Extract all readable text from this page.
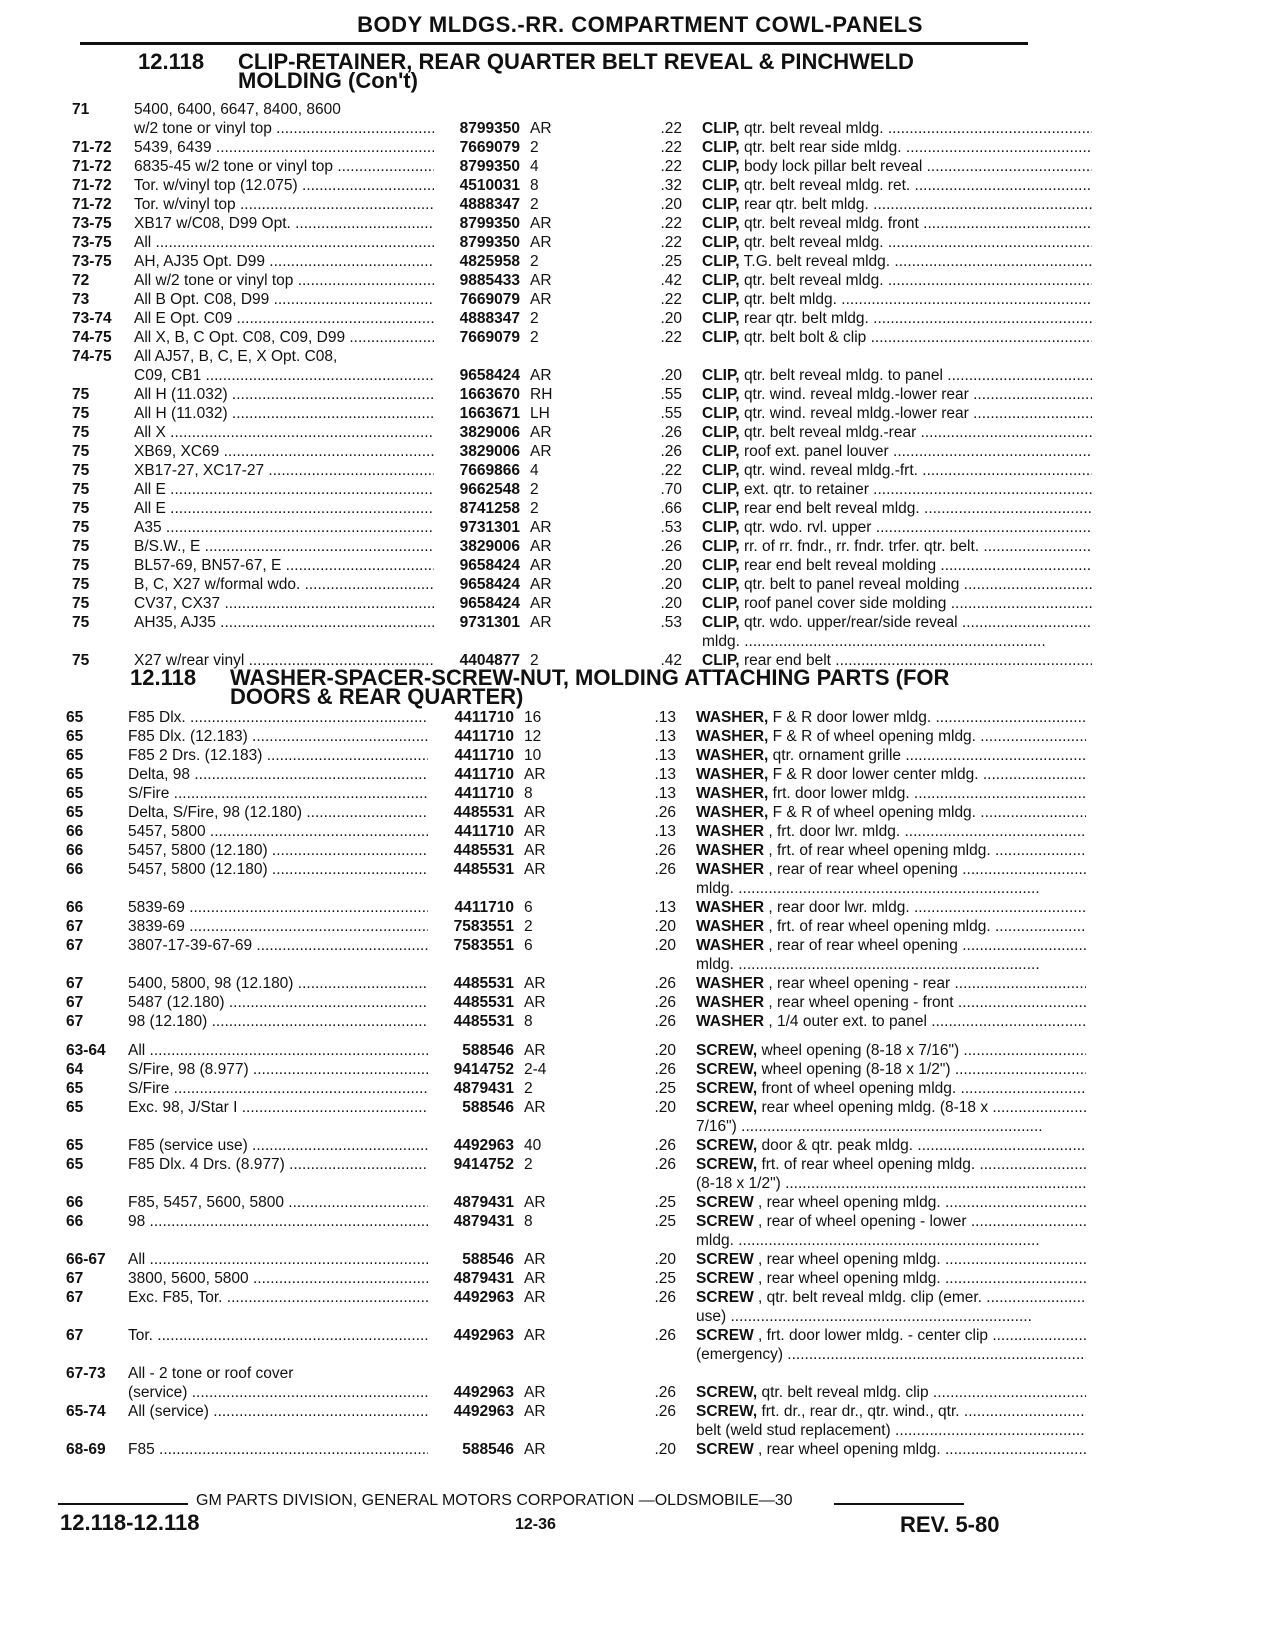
BODY MLDGS.-RR. COMPARTMENT COWL-PANELS
12.118 CLIP-RETAINER, REAR QUARTER BELT REVEAL & PINCHWELD
MOLDING (Con't)
71	5400, 6400, 6647, 8400, 8600
w/2 tone or vinyl top .....	8799350 AR	.22 CLIP, qtr. belt reveal mldg. .....
71-72 5439, 6439 .....	7669079 2	.22 CLIP, qtr. belt rear side mldg. .....
71-72 6835-45 w/2 tone or vinyl top .....	8799350 4	.22 CLIP, body lock pillar belt reveal .....
71-72 Tor. w/vinyl top (12.075) .....	4510031 8	.32 CLIP, qtr. belt reveal mldg. ret. .....
71-72 Tor. w/vinyl top .....	4888347 2	.20 CLIP, rear qtr. belt mldg. .....
73-75 XB17 w/C08, D99 Opt. .....	8799350 AR	.22 CLIP, qtr. belt reveal mldg. front .....
73-75 All .....	8799350 AR	.22 CLIP, qtr. belt reveal mldg. .....
73-75 AH, AJ35 Opt. D99 .....	4825958 2	.25 CLIP, T.G. belt reveal mldg. .....
72	All w/2 tone or vinyl top .....	9885433 AR	.42 CLIP, qtr. belt reveal mldg. .....
73	All B Opt. C08, D99 .....	7669079 AR	.22 CLIP, qtr. belt mldg. .....
73-74 All E Opt. C09 .....	4888347 2	.20 CLIP, rear qtr. belt mldg. .....
74-75 All X, B, C Opt. C08, C09, D99 .....	7669079 2	.22 CLIP, qtr. belt bolt & clip .....
74-75 All AJ57, B, C, E, X Opt. C08,
C09, CB1 .....	9658424 AR	.20 CLIP, qtr. belt reveal mldg. to panel .....
75	All H (11.032) .....	1663670 RH	.55 CLIP, qtr. wind. reveal mldg.-lower rear .....
75	All H (11.032) .....	1663671 LH	.55 CLIP, qtr. wind. reveal mldg.-lower rear .....
75	All X .....	3829006 AR	.26 CLIP, qtr. belt reveal mldg.-rear .....
75	XB69, XC69 .....	3829006 AR	.26 CLIP, roof ext. panel louver .....
75	XB17-27, XC17-27 .....	7669866 4	.22 CLIP, qtr. wind. reveal mldg.-frt. .....
75	All E .....	9662548 2	.70 CLIP, ext. qtr. to retainer .....
75	All E .....	8741258 2	.66 CLIP, rear end belt reveal mldg. .....
75	A35 .....	9731301 AR	.53 CLIP, qtr. wdo. rvl. upper .....
75	B/S.W., E .....	3829006 AR	.26 CLIP, rr. of rr. fndr., rr. fndr. trfer. qtr. belt. .....
75	BL57-69, BN57-67, E .....	9658424 AR	.20 CLIP, rear end belt reveal molding .....
75	B, C, X27 w/formal wdo. .....	9658424 AR	.20 CLIP, qtr. belt to panel reveal molding .....
75	CV37, CX37 .....	9658424 AR	.20 CLIP, roof panel cover side molding .....
75	AH35, AJ35 .....	9731301 AR	.53 CLIP, qtr. wdo. upper/rear/side reveal .....
mldg. .....
75	X27 w/rear vinyl .....	4404877 2	.42 CLIP, rear end belt .....
12.118 WASHER-SPACER-SCREW-NUT, MOLDING ATTACHING PARTS (FOR
DOORS & REAR QUARTER)
65	F85 Dlx. .....	4411710 16	.13 WASHER, F & R door lower mldg. .....
65	F85 Dlx. (12.183) .....	4411710 12	.13 WASHER, F & R of wheel opening mldg. .....
65	F85 2 Drs. (12.183) .....	4411710 10	.13 WASHER, qtr. ornament grille .....
65	Delta, 98 .....	4411710 AR	.13 WASHER, F & R door lower center mldg. .....
65	S/Fire .....	4411710 8	.13 WASHER, frt. door lower mldg. .....
65	Delta, S/Fire, 98 (12.180) .....	4485531 AR	.26 WASHER, F & R of wheel opening mldg. .....
66	5457, 5800 .....	4411710 AR	.13 WASHER , frt. door lwr. mldg. .....
66	5457, 5800 (12.180) .....	4485531 AR	.26 WASHER , frt. of rear wheel opening mldg. .....
66	5457, 5800 (12.180) .....	4485531 AR	.26 WASHER , rear of rear wheel opening .....
mldg. .....
66	5839-69 .....	4411710 6	.13 WASHER , rear door lwr. mldg. .....
67	3839-69 .....	7583551 2	.20 WASHER , frt. of rear wheel opening mldg. .....
67	3807-17-39-67-69 .....	7583551 6	.20 WASHER , rear of rear wheel opening .....
mldg. .....
67	5400, 5800, 98 (12.180) .....	4485531 AR	.26 WASHER , rear wheel opening - rear .....
67	5487 (12.180) .....	4485531 AR	.26 WASHER , rear wheel opening - front .....
67	98 (12.180) .....	4485531 8	.26 WASHER , 1/4 outer ext. to panel .....
63-64 All .....	588546 AR	.20 SCREW, wheel opening (8-18 x 7/16") .....
64	S/Fire, 98 (8.977) .....	9414752 2-4	.26 SCREW, wheel opening (8-18 x 1/2") .....
65	S/Fire .....	4879431 2	.25 SCREW, front of wheel opening mldg. .....
65	Exc. 98, J/Star I .....	588546 AR	.20 SCREW, rear wheel opening mldg. (8-18 x .....
7/16") .....
65	F85 (service use) .....	4492963 40	.26 SCREW, door & qtr. peak mldg. .....
65	F85 Dlx. 4 Drs. (8.977) .....	9414752 2	.26 SCREW, frt. of rear wheel opening mldg. .....
(8-18 x 1/2") .....
66	F85, 5457, 5600, 5800 .....	4879431 AR	.25 SCREW , rear wheel opening mldg. .....
66	98 .....	4879431 8	.25 SCREW , rear of wheel opening - lower .....
mldg. .....
66-67 All .....	588546 AR	.20 SCREW , rear wheel opening mldg. .....
67	3800, 5600, 5800 .....	4879431 AR	.25 SCREW , rear wheel opening mldg. .....
67	Exc. F85, Tor. .....	4492963 AR	.26 SCREW , qtr. belt reveal mldg. clip (emer. .....
use) .....
67	Tor. .....	4492963 AR	.26 SCREW , frt. door lower mldg. - center clip .....
(emergency) .....
67-73 All - 2 tone or roof cover
(service) .....	4492963 AR	.26 SCREW, qtr. belt reveal mldg. clip .....
65-74 All (service) .....	4492963 AR	.26 SCREW, frt. dr., rear dr., qtr. wind., qtr. .....
belt (weld stud replacement) .....
68-69 F85 .....	588546 AR	.20 SCREW , rear wheel opening mldg. .....
GM PARTS DIVISION, GENERAL MOTORS CORPORATION —OLDSMOBILE—30
12.118-12.118	12-36	REV. 5-80
